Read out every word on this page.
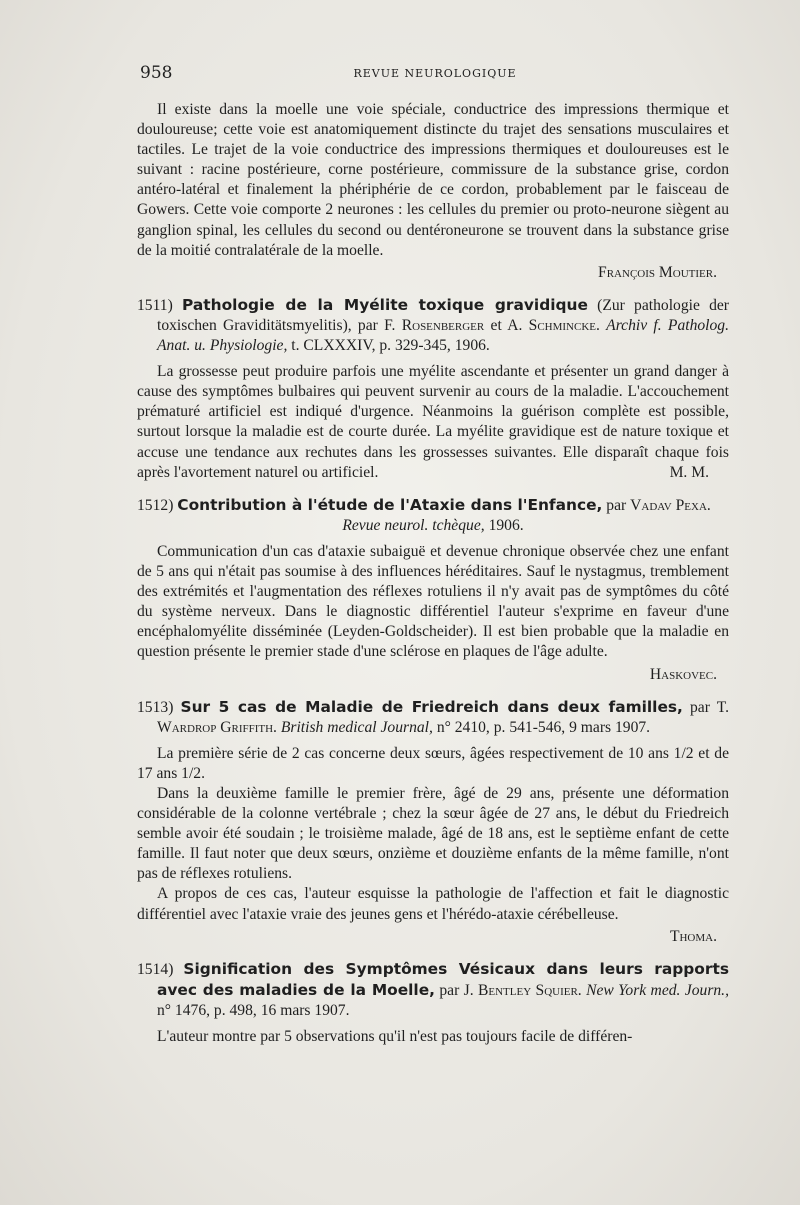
958	REVUE NEUROLOGIQUE

Il existe dans la moelle une voie spéciale, conductrice des impressions thermique et douloureuse; cette voie est anatomiquement distincte du trajet des sensations musculaires et tactiles. Le trajet de la voie conductrice des impressions thermiques et douloureuses est le suivant : racine postérieure, corne postérieure, commissure de la substance grise, cordon antéro-latéral et finalement la phériphérie de ce cordon, probablement par le faisceau de Gowers. Cette voie comporte 2 neurones : les cellules du premier ou proto-neurone siègent au ganglion spinal, les cellules du second ou dentéroneurone se trouvent dans la substance grise de la moitié contralatérale de la moelle.

François Moutier.

1511) Pathologie de la Myélite toxique gravidique (Zur pathologie der toxischen Graviditätsmyelitis), par F. Rosenberger et A. Schmincke. Archiv f. Patholog. Anat. u. Physiologie, t. CLXXXIV, p. 329-345, 1906.

La grossesse peut produire parfois une myélite ascendante et présenter un grand danger à cause des symptômes bulbaires qui peuvent survenir au cours de la maladie. L'accouchement prématuré artificiel est indiqué d'urgence. Néanmoins la guérison complète est possible, surtout lorsque la maladie est de courte durée. La myélite gravidique est de nature toxique et accuse une tendance aux rechutes dans les grossesses suivantes. Elle disparaît chaque fois après l'avortement naturel ou artificiel.	M. M.

1512) Contribution à l'étude de l'Ataxie dans l'Enfance, par Vadav Pexa.

Revue neurol. tchèque, 1906.

Communication d'un cas d'ataxie subaiguë et devenue chronique observée chez une enfant de 5 ans qui n'était pas soumise à des influences héréditaires. Sauf le nystagmus, tremblement des extrémités et l'augmentation des réflexes rotuliens il n'y avait pas de symptômes du côté du système nerveux. Dans le diagnostic différentiel l'auteur s'exprime en faveur d'une encéphalomyélite disséminée (Leyden-Goldscheider). Il est bien probable que la maladie en question présente le premier stade d'une sclérose en plaques de l'âge adulte.

Haskovec.

1513) Sur 5 cas de Maladie de Friedreich dans deux familles, par T. Wardrop Griffith. British medical Journal, n° 2410, p. 541-546, 9 mars 1907.

La première série de 2 cas concerne deux sœurs, âgées respectivement de 10 ans 1/2 et de 17 ans 1/2.

Dans la deuxième famille le premier frère, âgé de 29 ans, présente une déformation considérable de la colonne vertébrale ; chez la sœur âgée de 27 ans, le début du Friedreich semble avoir été soudain ; le troisième malade, âgé de 18 ans, est le septième enfant de cette famille. Il faut noter que deux sœurs, onzième et douzième enfants de la même famille, n'ont pas de réflexes rotuliens.

A propos de ces cas, l'auteur esquisse la pathologie de l'affection et fait le diagnostic différentiel avec l'ataxie vraie des jeunes gens et l'hérédo-ataxie cérébelleuse.

Thoma.

1514) Signification des Symptômes Vésicaux dans leurs rapports avec des maladies de la Moelle, par J. Bentley Squier. New York med. Journ., n° 1476, p. 498, 16 mars 1907.

L'auteur montre par 5 observations qu'il n'est pas toujours facile de différen-
